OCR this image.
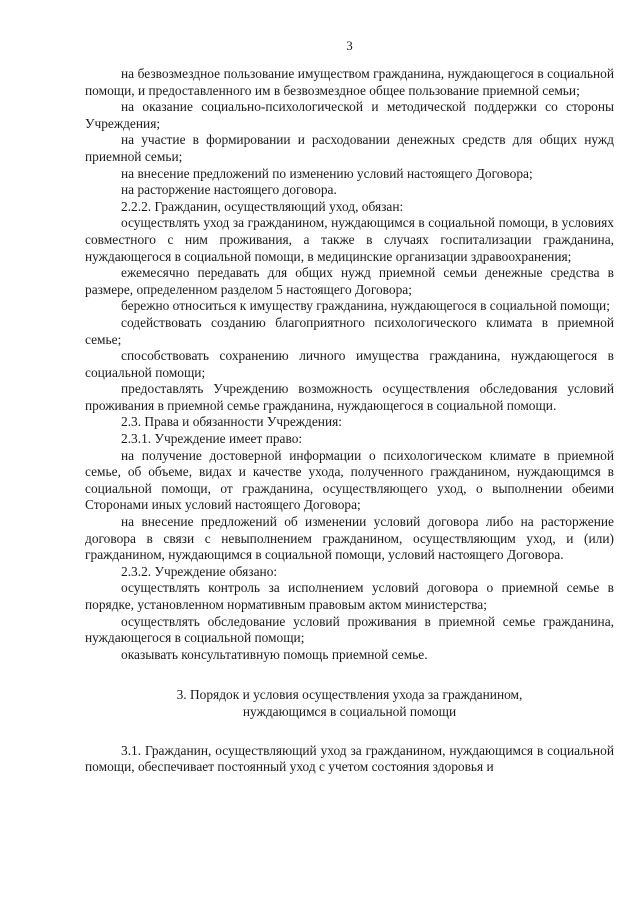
3

на безвозмездное пользование имуществом гражданина, нуждающегося в социальной помощи, и предоставленного им в безвозмездное общее пользование приемной семьи;

на оказание социально-психологической и методической поддержки со стороны Учреждения;

на участие в формировании и расходовании денежных средств для общих нужд приемной семьи;

на внесение предложений по изменению условий настоящего Договора;

на расторжение настоящего договора.

2.2.2. Гражданин, осуществляющий уход, обязан:

осуществлять уход за гражданином, нуждающимся в социальной помощи, в условиях совместного с ним проживания, а также в случаях госпитализации гражданина, нуждающегося в социальной помощи, в медицинские организации здравоохранения;

ежемесячно передавать для общих нужд приемной семьи денежные средства в размере, определенном разделом 5 настоящего Договора;

бережно относиться к имуществу гражданина, нуждающегося в социальной помощи;

содействовать созданию благоприятного психологического климата в приемной семье;

способствовать сохранению личного имущества гражданина, нуждающегося в социальной помощи;

предоставлять Учреждению возможность осуществления обследования условий проживания в приемной семье гражданина, нуждающегося в социальной помощи.

2.3. Права и обязанности Учреждения:

2.3.1. Учреждение имеет право:

на получение достоверной информации о психологическом климате в приемной семье, об объеме, видах и качестве ухода, полученного гражданином, нуждающимся в социальной помощи, от гражданина, осуществляющего уход, о выполнении обеими Сторонами иных условий настоящего Договора;

на внесение предложений об изменении условий договора либо на расторжение договора в связи с невыполнением гражданином, осуществляющим уход, и (или) гражданином, нуждающимся в социальной помощи, условий настоящего Договора.

2.3.2. Учреждение обязано:

осуществлять контроль за исполнением условий договора о приемной семье в порядке, установленном нормативным правовым актом министерства;

осуществлять обследование условий проживания в приемной семье гражданина, нуждающегося в социальной помощи;

оказывать консультативную помощь приемной семье.

3. Порядок и условия осуществления ухода за гражданином,
нуждающимся в социальной помощи

3.1. Гражданин, осуществляющий уход за гражданином, нуждающимся в социальной помощи, обеспечивает постоянный уход с учетом состояния здоровья и
